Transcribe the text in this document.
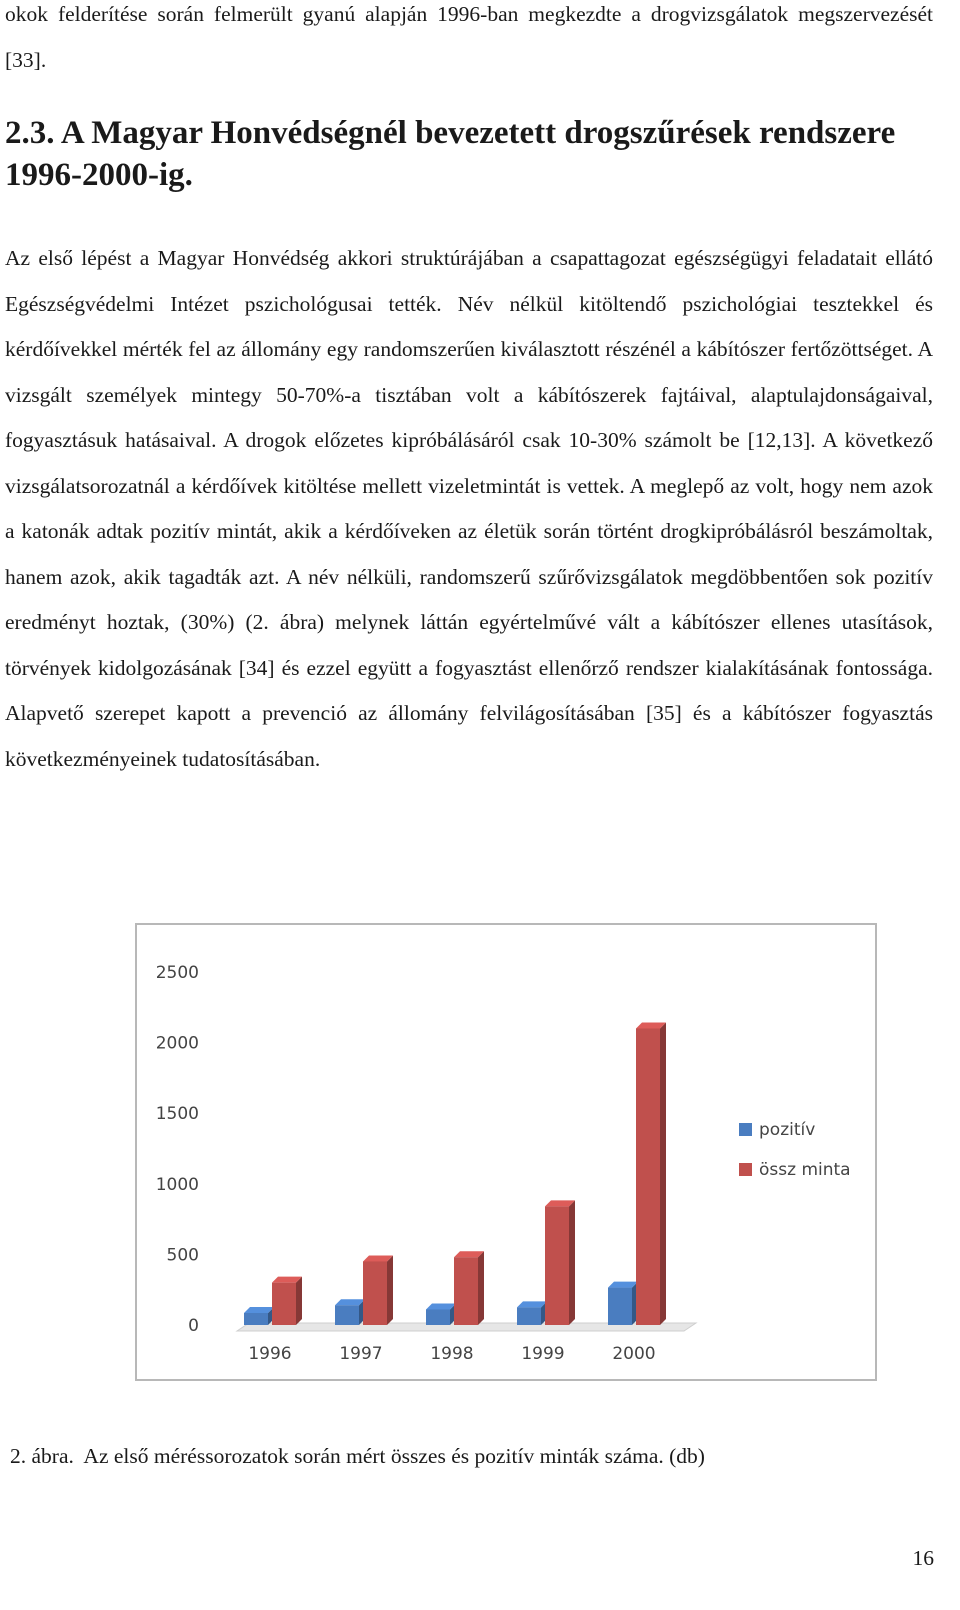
okok felderítése során felmerült gyanú alapján 1996-ban megkezdte a drogvizsgálatok megszervezését [33].

2.3. A Magyar Honvédségnél bevezetett drogszűrések rendszere 1996-2000-ig.

Az első lépést a Magyar Honvédség akkori struktúrájában a csapattagozat egészségügyi feladatait ellátó Egészségvédelmi Intézet pszichológusai tették. Név nélkül kitöltendő pszichológiai tesztekkel és kérdőívekkel mérték fel az állomány egy randomszerűen kiválasztott részénél a kábítószer fertőzöttséget. A vizsgált személyek mintegy 50-70%-a tisztában volt a kábítószerek fajtáival, alaptulajdonságaival, fogyasztásuk hatásaival. A drogok előzetes kipróbálásáról csak 10-30% számolt be [12,13]. A következő vizsgálatsorozatnál a kérdőívek kitöltése mellett vizeletmintát is vettek. A meglepő az volt, hogy nem azok a katonák adtak pozitív mintát, akik a kérdőíveken az életük során történt drogkipróbálásról beszámoltak, hanem azok, akik tagadták azt. A név nélküli, randomszerű szűrővizsgálatok megdöbbentően sok pozitív eredményt hoztak, (30%) (2. ábra) melynek láttán egyértelművé vált a kábítószer ellenes utasítások, törvények kidolgozásának [34] és ezzel együtt a fogyasztást ellenőrző rendszer kialakításának fontossága. Alapvető szerepet kapott a prevenció az állomány felvilágosításában [35] és a kábítószer fogyasztás következményeinek tudatosításában.

0
500
1000
1500
2000
2500
1996	1997	1998	1999	2000
pozitív
össz minta

2. ábra.  Az első méréssorozatok során mért összes és pozitív minták száma. (db)

16
